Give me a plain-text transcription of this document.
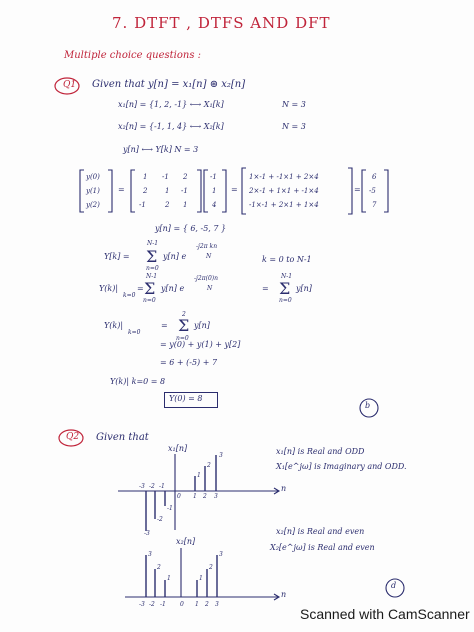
7. DTFT , DTFS AND DFT
Multiple choice questions :
Σ
Σ	Σ
Σ
Q1 Given that y[n] = x₁[n] ⊛ x₂[n]
x₁[n] = {1, 2, -1} ⟷ X₁[k]	N = 3
x₂[n] = {-1, 1, 4} ⟷ X₂[k]	N = 3
y[n] ⟷ Y[k] N = 3
y(0)
y(1)
y(2)
=
1 -1 2
2	1 -1
-1	2 1
-1
1
4
=
1×-1 + -1×1 + 2×4
2×-1 + 1×1 + -1×4
-1×-1 + 2×1 + 1×4
=
6
-5
7
y[n] = { 6, -5, 7 }
Y[k] =
N-1
n=0
y[n] e
-j2π kn
N	k = 0 to N-1
Y(k)|
k=0
=
N-1
n=0
y[n] e
-j2π(0)n
N	=
N-1
n=0
y[n]
Y(k)|
k=0
=
2
n=0
y[n]
= y(0) + y(1) + y[2]
= 6 + (-5) + 7
Y(k)| k=0 = 8
Y(0) = 8
b
Q2 Given that
x₁[n]	x₁[n] is Real and ODD
X₁[e^jω] is Imaginary and ODD.
n
-3 -2 -1
0 1 2 3
3
2
1
-1
-2
-3
x₂[n]
x₂[n] is Real and even
X₂[e^jω] is Real and even
n
-3 -2 -1 0 1 2 3
3
2
1	1
2
3
d
Scanned with CamScanner
